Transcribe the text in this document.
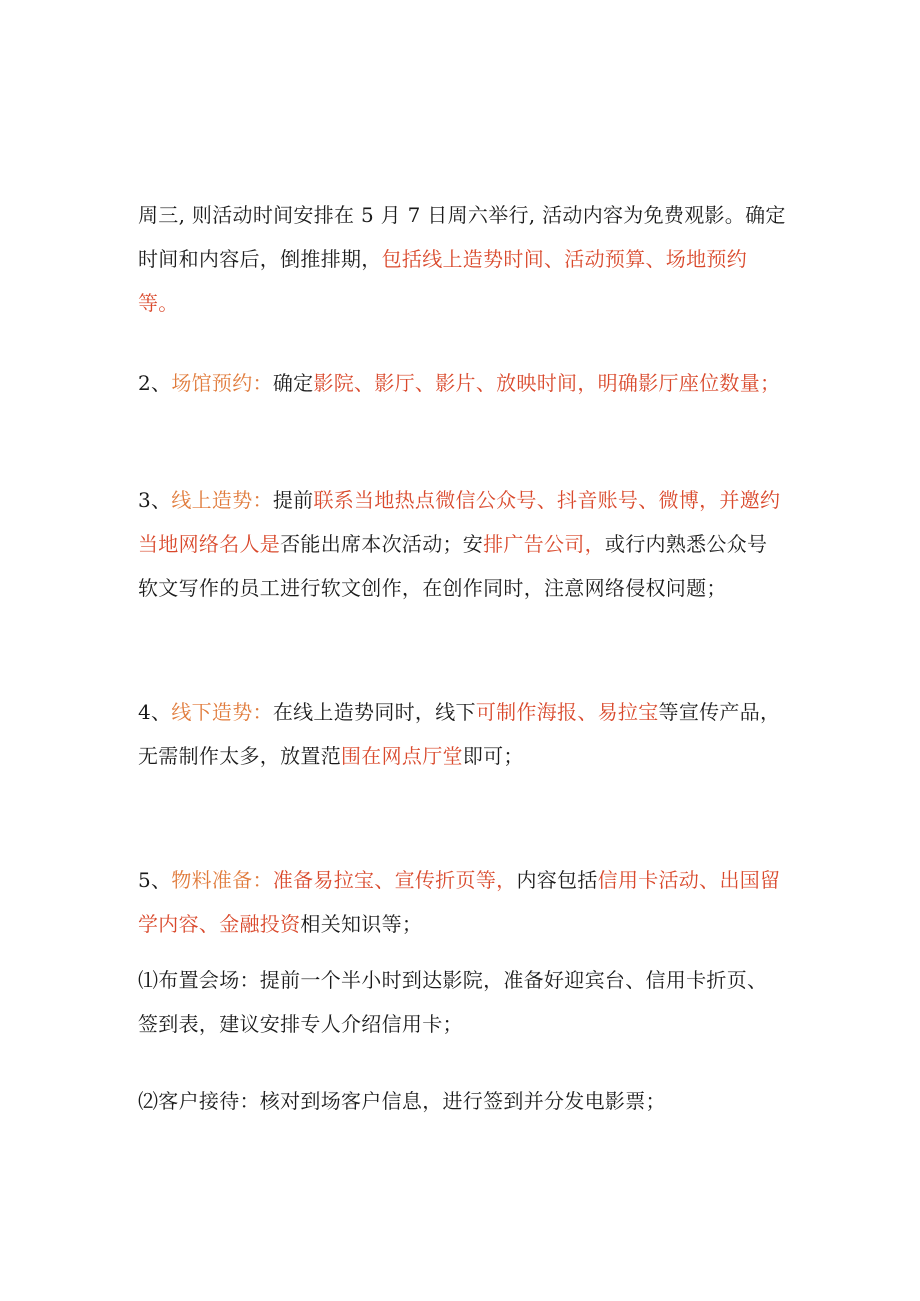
周三, 则活动时间安排在 5 月 7 日周六举行, 活动内容为免费观影。确定时间和内容后，倒推排期，包括线上造势时间、活动预算、场地预约等。
2、场馆预约：确定影院、影厅、影片、放映时间，明确影厅座位数量；
3、线上造势：提前联系当地热点微信公众号、抖音账号、微博，并邀约当地网络名人是否能出席本次活动；安排广告公司，或行内熟悉公众号软文写作的员工进行软文创作，在创作同时，注意网络侵权问题；
4、线下造势：在线上造势同时，线下可制作海报、易拉宝等宣传产品，无需制作太多，放置范围在网点厅堂即可；
5、物料准备：准备易拉宝、宣传折页等，内容包括信用卡活动、出国留学内容、金融投资相关知识等；
⑴布置会场：提前一个半小时到达影院，准备好迎宾台、信用卡折页、签到表，建议安排专人介绍信用卡；
⑵客户接待：核对到场客户信息，进行签到并分发电影票；
